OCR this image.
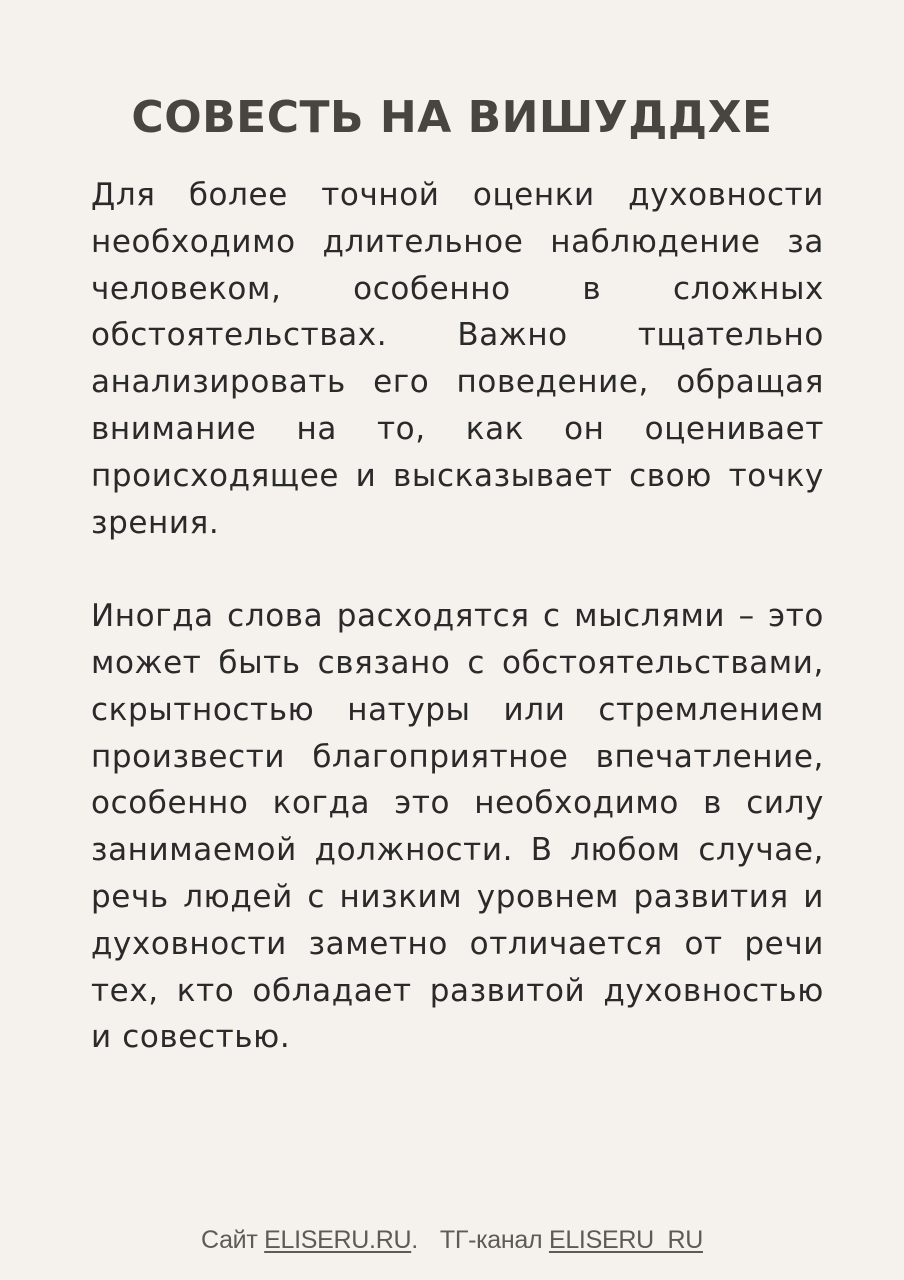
СОВЕСТЬ НА ВИШУДДХЕ

Для более точной оценки духовности необходимо длительное наблюдение за человеком, особенно в сложных обстоятельствах. Важно тщательно анализировать его поведение, обращая внимание на то, как он оценивает происходящее и высказывает свою точку зрения.

Иногда слова расходятся с мыслями – это может быть связано с обстоятельствами, скрытностью натуры или стремлением произвести благоприятное впечатление, особенно когда это необходимо в силу занимаемой должности. В любом случае, речь людей с низким уровнем развития и духовности заметно отличается от речи тех, кто обладает развитой духовностью и совестью.

Сайт ELISERU.RU. ТГ-канал ELISERU_RU
